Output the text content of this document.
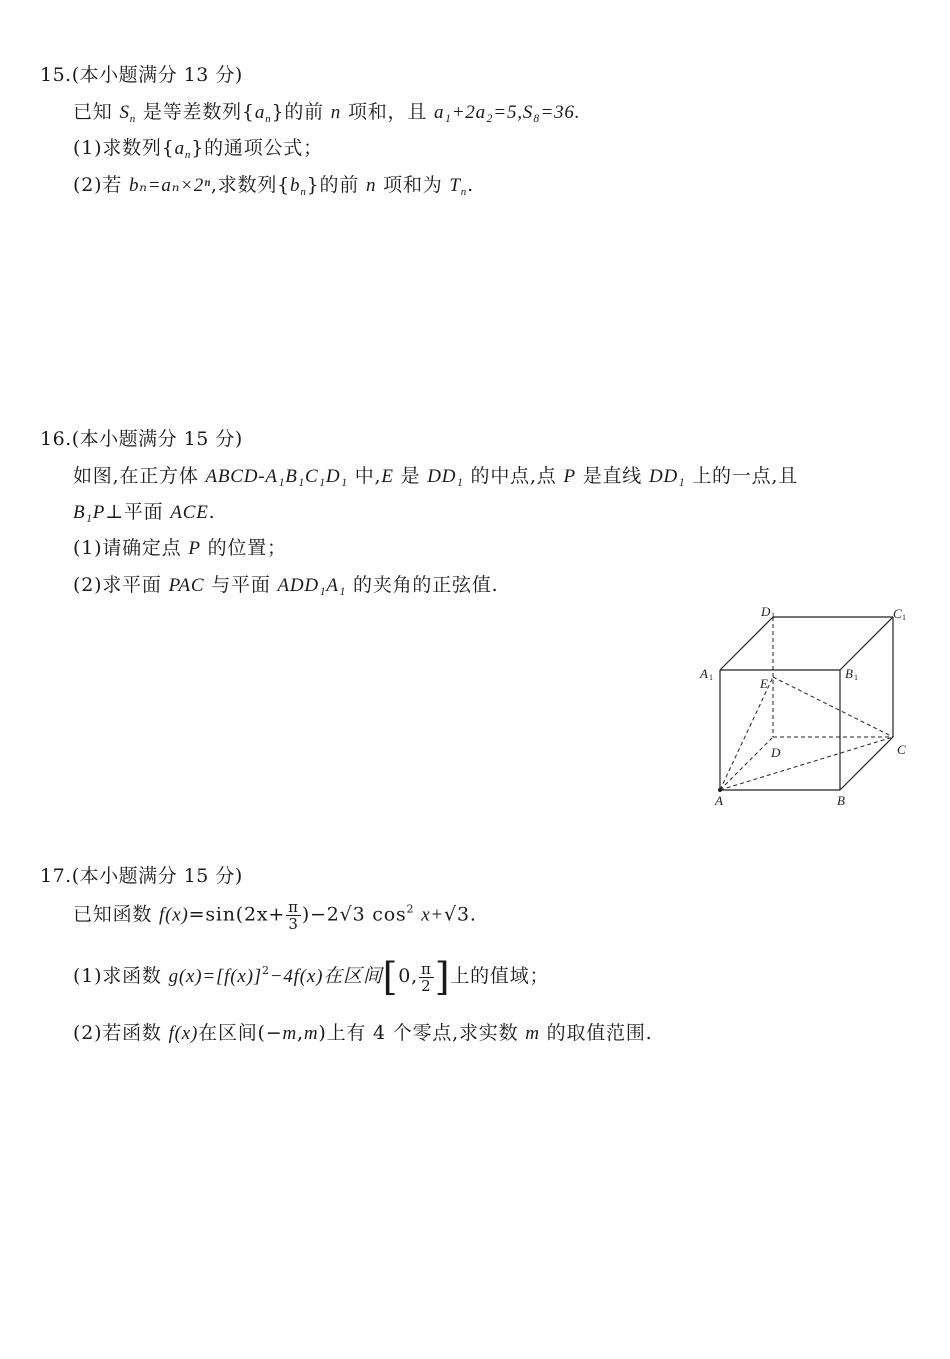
15.(本小题满分 13 分)
已知 $S_n$ 是等差数列$\{a_n\}$的前 n 项和，且 a₁+2a₂=5,S₈=36.
(1)求数列$\{a_n\}$的通项公式；
(2)若 bₙ=aₙ×2ⁿ,求数列$\{b_n\}$的前 n 项和为 $T_n$.
16.(本小题满分 15 分)
如图,在正方体 ABCD-A₁B₁C₁D₁ 中,E 是 DD₁ 的中点,点 P 是直线 DD₁ 上的一点,且
B₁P⊥平面 ACE.
(1)请确定点 P 的位置；
(2)求平面 PAC 与平面 ADD₁A₁ 的夹角的正弦值.
A	B
C
D
E
A 1	B 1
C 1
D 1
17.(本小题满分 15 分)
已知函数 $f(x)=\sin(2x+ \frac{\pi}{3} )-2√3$ $\cos^2 x+√3$.
(1)求函数 $g(x)=[f(x)]^2-4f(x)$在区间[0, $\frac{\pi}{2}$ ]上的值域；
(2)若函数 f(x)在区间(−m,m)上有 4 个零点,求实数 m 的取值范围.
